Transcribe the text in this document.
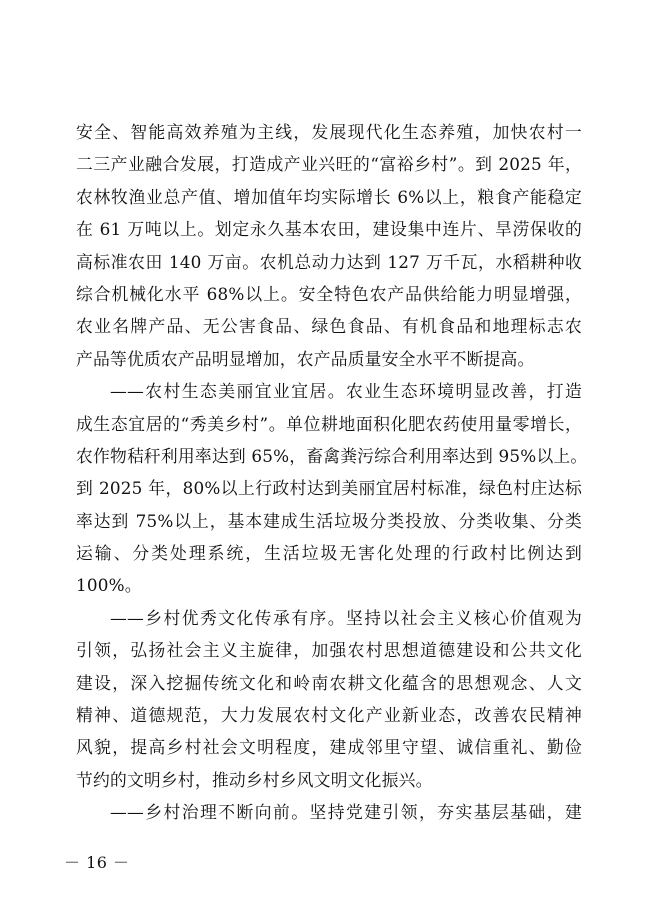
安全、智能高效养殖为主线，发展现代化生态养殖，加快农村一
二三产业融合发展，打造成产业兴旺的“富裕乡村”。到 2025 年，
农林牧渔业总产值、增加值年均实际增长 6%以上，粮食产能稳定
在 61 万吨以上。划定永久基本农田，建设集中连片、旱涝保收的
高标准农田 140 万亩。农机总动力达到 127 万千瓦，水稻耕种收
综合机械化水平 68%以上。安全特色农产品供给能力明显增强，
农业名牌产品、无公害食品、绿色食品、有机食品和地理标志农
产品等优质农产品明显增加，农产品质量安全水平不断提高。
——农村生态美丽宜业宜居。农业生态环境明显改善，打造
成生态宜居的“秀美乡村”。单位耕地面积化肥农药使用量零增长，
农作物秸秆利用率达到 65%，畜禽粪污综合利用率达到 95%以上。
到 2025 年，80%以上行政村达到美丽宜居村标准，绿色村庄达标
率达到 75%以上，基本建成生活垃圾分类投放、分类收集、分类
运输、分类处理系统，生活垃圾无害化处理的行政村比例达到
100%。
——乡村优秀文化传承有序。坚持以社会主义核心价值观为
引领，弘扬社会主义主旋律，加强农村思想道德建设和公共文化
建设，深入挖掘传统文化和岭南农耕文化蕴含的思想观念、人文
精神、道德规范，大力发展农村文化产业新业态，改善农民精神
风貌，提高乡村社会文明程度，建成邻里守望、诚信重礼、勤俭
节约的文明乡村，推动乡村乡风文明文化振兴。
——乡村治理不断向前。坚持党建引领，夯实基层基础，建
－ 16 －
